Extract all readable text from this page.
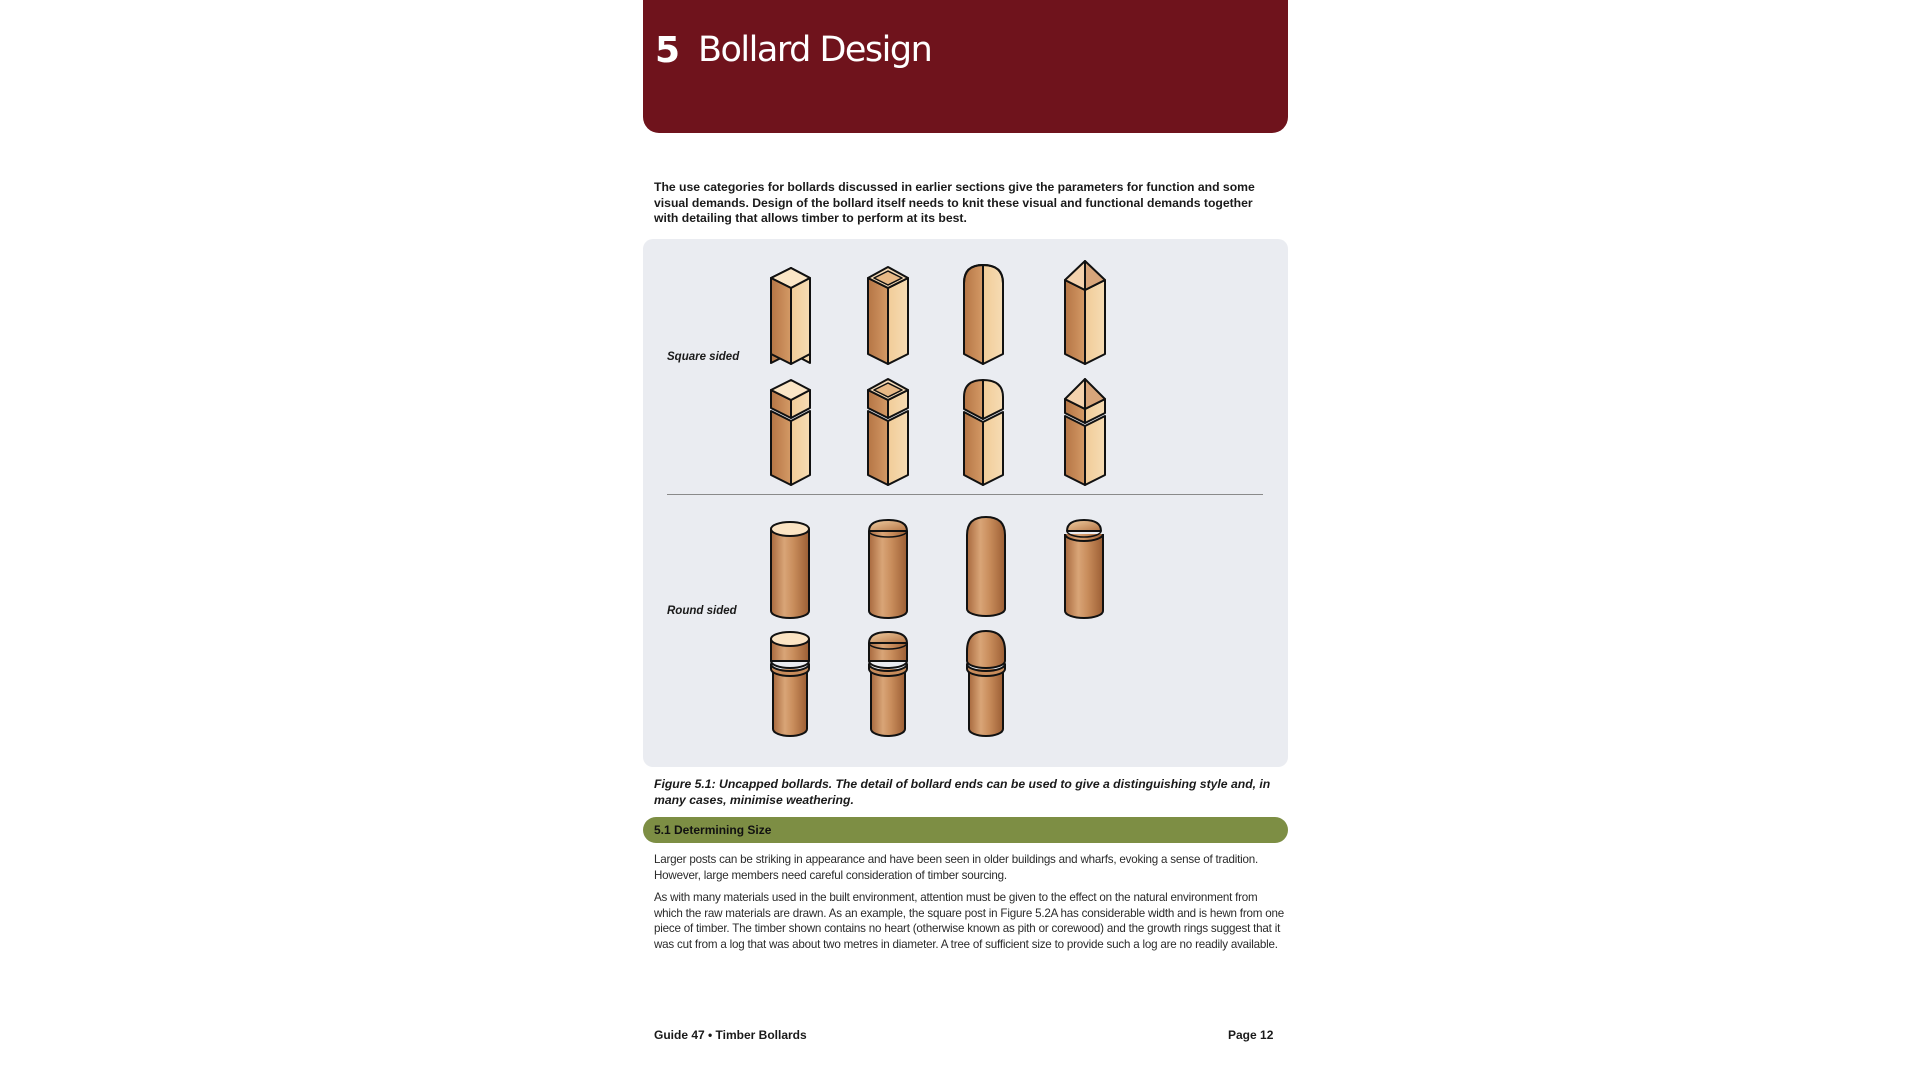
5 Bollard Design

The use categories for bollards discussed in earlier sections give the parameters for function and some visual demands. Design of the bollard itself needs to knit these visual and functional demands together with detailing that allows timber to perform at its best.

Square sided
Round sided

Figure 5.1: Uncapped bollards. The detail of bollard ends can be used to give a distinguishing style and, in many cases, minimise weathering.

5.1 Determining Size

Larger posts can be striking in appearance and have been seen in older buildings and wharfs, evoking a sense of tradition. However, large members need careful consideration of timber sourcing.

As with many materials used in the built environment, attention must be given to the effect on the natural environment from which the raw materials are drawn. As an example, the square post in Figure 5.2A has considerable width and is hewn from one piece of timber. The timber shown contains no heart (otherwise known as pith or corewood) and the growth rings suggest that it was cut from a log that was about two metres in diameter. A tree of sufficient size to provide such a log are no readily available.

Guide 47 • Timber Bollards	Page 12
